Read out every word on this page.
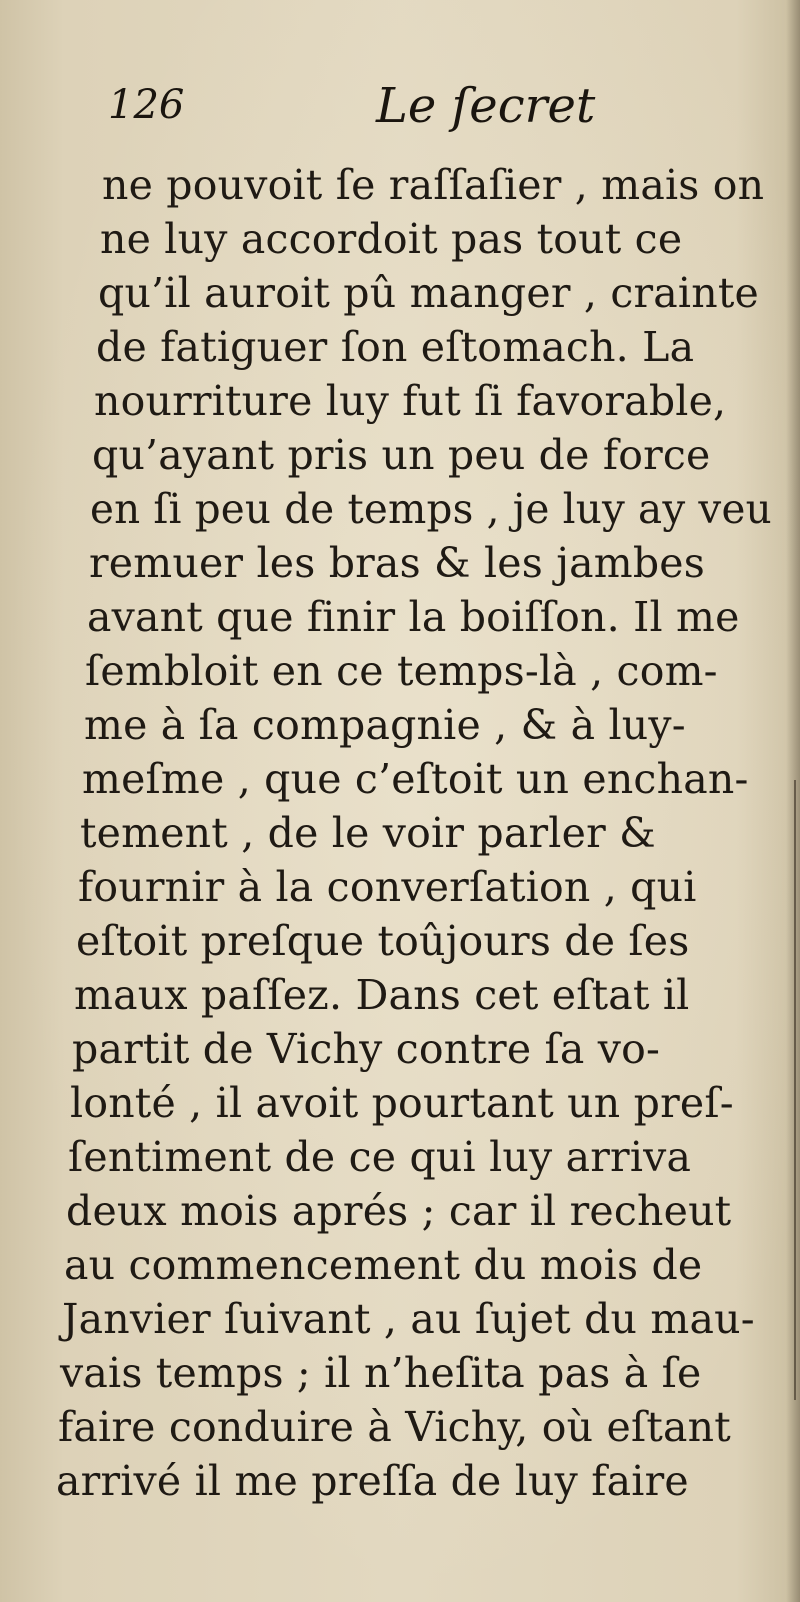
126	Le ſecret
ne pouvoit ſe raſſaſier , mais on
ne luy accordoit pas tout ce
qu’il auroit pû manger , crainte
de fatiguer ſon eſtomach. La
nourriture luy fut ſi favorable,
qu’ayant pris un peu de force
en ſi peu de temps , je luy ay veu
remuer les bras & les jambes
avant que finir la boiſſon. Il me
ſembloit en ce temps-là , com-
me à ſa compagnie , & à luy-
meſme , que c’eſtoit un enchan-
tement , de le voir parler &
fournir à la converſation , qui
eſtoit preſque toûjours de ſes
maux paſſez. Dans cet eſtat il
partit de Vichy contre ſa vo-
lonté , il avoit pourtant un preſ-
ſentiment de ce qui luy arriva
deux mois aprés ; car il recheut
au commencement du mois de
Janvier ſuivant , au ſujet du mau-
vais temps ; il n’heſita pas à ſe
faire conduire à Vichy, où eſtant
arrivé il me preſſa de luy faire
